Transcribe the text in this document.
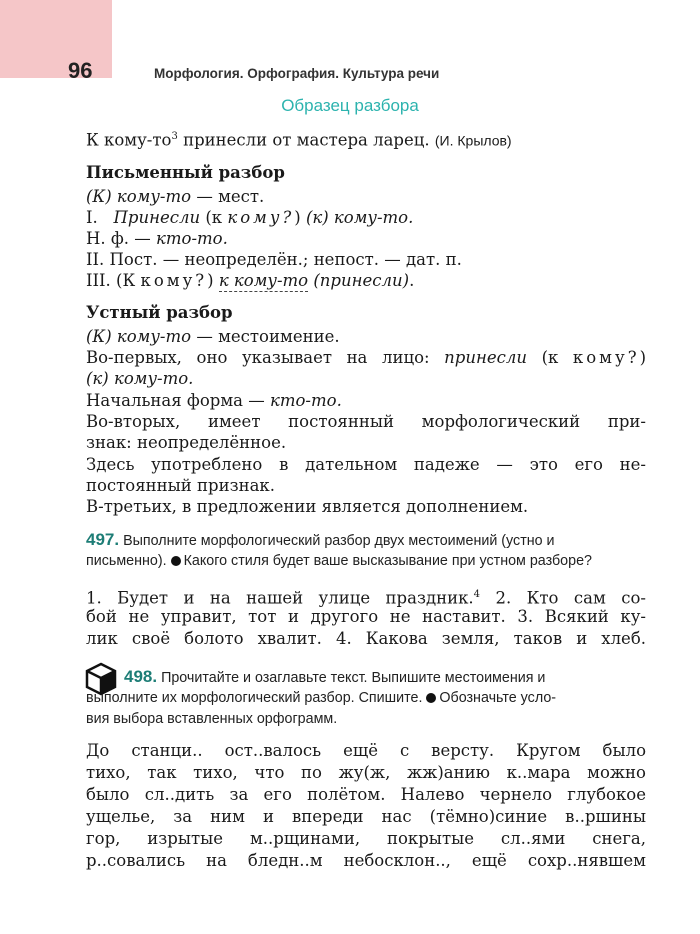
96	Морфология. Орфография. Культура речи
Образец разбора
К кому-$то^3$ принесли от мастера ларец. (И. Крылов)
Письменный разбор
(К) кому-то — мест.
I. Принесли (к кому?) (к) кому-то.
Н. ф. — кто-то.
II. Пост. — неопределён.; непост. — дат. п.
III. (К кому?) к кому-то (принесли).
Устный разбор
(К) кому-то — местоимение.
Во-первых, оно указывает на лицо: принесли (к кому?)
(к) кому-то.
Начальная форма — кто-то.
Во-вторых, имеет постоянный морфологический при-
знак: неопределённое.
Здесь употреблено в дательном падеже — это его не-
постоянный признак.
В-третьих, в предложении является дополнением.
497. Выполните морфологический разбор двух местоимений (устно и
письменно). Какого стиля будет ваше высказывание при устном разборе?
1. Будет и на нашей улице праздник.$^4$ 2. Кто сам со-
бой не управит, тот и другого не наставит. 3. Всякий ку-
лик своё болото хвалит. 4. Какова земля, таков и хлеб.
498. Прочитайте и озаглавьте текст. Выпишите местоимения и
выполните их морфологический разбор. Спишите. Обозначьте усло-
вия выбора вставленных орфограмм.
До станци.. ост..валось ещё с версту. Кругом было
тихо, так тихо, что по жу(ж, жж)анию к..мара можно
было сл..дить за его полётом. Налево чернело глубокое
ущелье, за ним и впереди нас (тёмно)синие в..ршины
гор, изрытые м..рщинами, покрытые сл..ями снега,
р..совались на бледн..м небосклон.., ещё сохр..нявшем
